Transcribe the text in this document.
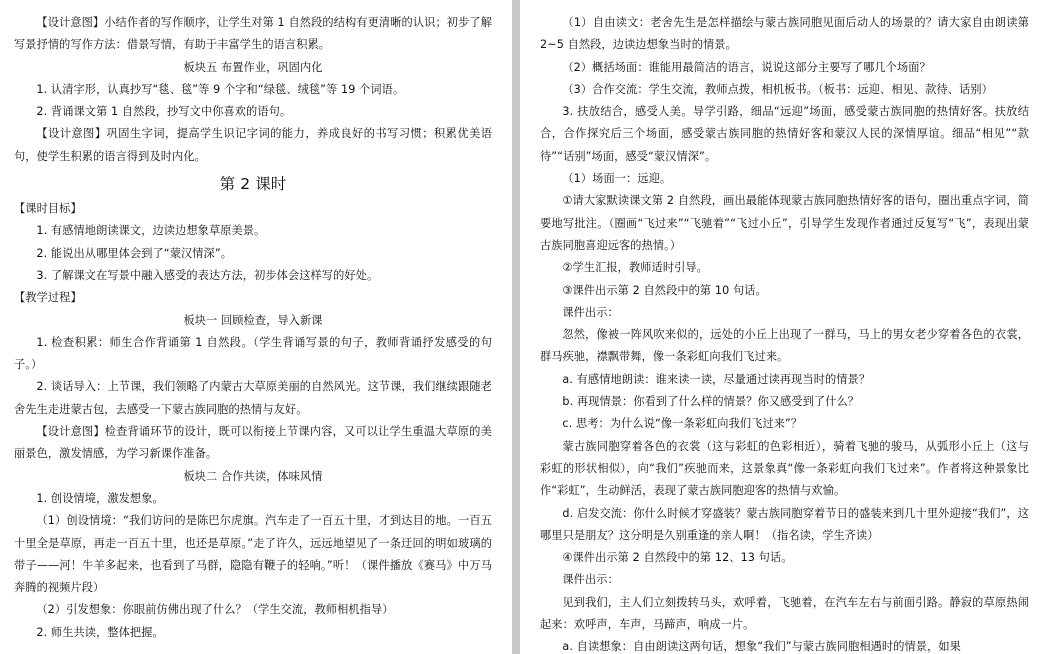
【设计意图】小结作者的写作顺序，让学生对第 1 自然段的结构有更清晰的认识；初步了解写景抒情的写作方法：借景写情，有助于丰富学生的语言积累。

板块五 布置作业，巩固内化

1. 认清字形，认真抄写“毯、毯”等 9 个字和“绿毯、绒毯”等 19 个词语。

2. 背诵课文第 1 自然段，抄写文中你喜欢的语句。

【设计意图】巩固生字词，提高学生识记字词的能力，养成良好的书写习惯；积累优美语句，使学生积累的语言得到及时内化。

第 2 课时

【课时目标】

1. 有感情地朗读课文，边读边想象草原美景。

2. 能说出从哪里体会到了“蒙汉情深”。

3. 了解课文在写景中融入感受的表达方法，初步体会这样写的好处。

【教学过程】

板块一 回顾检查，导入新课

1. 检查积累：师生合作背诵第 1 自然段。（学生背诵写景的句子，教师背诵抒发感受的句子。）

2. 谈话导入：上节课，我们领略了内蒙古大草原美丽的自然风光。这节课，我们继续跟随老舍先生走进蒙古包，去感受一下蒙古族同胞的热情与友好。

【设计意图】检查背诵环节的设计，既可以衔接上节课内容，又可以让学生重温大草原的美丽景色，激发情感，为学习新课作准备。

板块二 合作共读，体味风情

1. 创设情境，激发想象。

（1）创设情境：“我们访问的是陈巴尔虎旗。汽车走了一百五十里，才到达目的地。一百五十里全是草原，再走一百五十里，也还是草原。”走了许久，远远地望见了一条迂回的明如玻璃的带子——河！牛羊多起来，也看到了马群，隐隐有鞭子的轻响。”听！（课件播放《赛马》中万马奔腾的视频片段）

（2）引发想象：你眼前仿佛出现了什么？（学生交流，教师相机指导）

2. 师生共读，整体把握。

（1）自由读文：老舍先生是怎样描绘与蒙古族同胞见面后动人的场景的？请大家自由朗读第 2~5 自然段，边读边想象当时的情景。

（2）概括场面：谁能用最简洁的语言，说说这部分主要写了哪几个场面？

（3）合作交流：学生交流，教师点拨，相机板书。（板书：远迎、相见、款待、话别）

3. 扶放结合，感受人美。导学引路，细品“远迎”场面，感受蒙古族同胞的热情好客。扶放结合，合作探究后三个场面，感受蒙古族同胞的热情好客和蒙汉人民的深情厚谊。细品“相见”“款待”“话别”场面，感受“蒙汉情深”。

（1）场面一：远迎。

①请大家默读课文第 2 自然段，画出最能体现蒙古族同胞热情好客的语句，圈出重点字词，简要地写批注。（圈画“飞过来”“飞驰着”“飞过小丘”，引导学生发现作者通过反复写“飞”，表现出蒙古族同胞喜迎远客的热情。）

②学生汇报，教师适时引导。

③课件出示第 2 自然段中的第 10 句话。

课件出示：

忽然，像被一阵风吹来似的，远处的小丘上出现了一群马，马上的男女老少穿着各色的衣裳，群马疾驰，襟飘带舞，像一条彩虹向我们飞过来。

a. 有感情地朗读：谁来读一读，尽量通过读再现当时的情景？

b. 再现情景：你看到了什么样的情景？你又感受到了什么？

c. 思考：为什么说“像一条彩虹向我们飞过来”？

蒙古族同胞穿着各色的衣裳（这与彩虹的色彩相近），骑着飞驰的骏马，从弧形小丘上（这与彩虹的形状相似），向“我们”疾驰而来，这景象真“像一条彩虹向我们飞过来”。作者将这种景象比作“彩虹”，生动鲜活，表现了蒙古族同胞迎客的热情与欢愉。

d. 启发交流：你什么时候才穿盛装？蒙古族同胞穿着节日的盛装来到几十里外迎接“我们”，这哪里只是朋友？这分明是久别重逢的亲人啊！（指名读，学生齐读）

④课件出示第 2 自然段中的第 12、13 句话。

课件出示：

见到我们，主人们立刻拨转马头，欢呼着，飞驰着，在汽车左右与前面引路。静寂的草原热闹起来：欢呼声，车声，马蹄声，响成一片。

a. 自读想象：自由朗读这两句话，想象“我们”与蒙古族同胞相遇时的情景，如果
